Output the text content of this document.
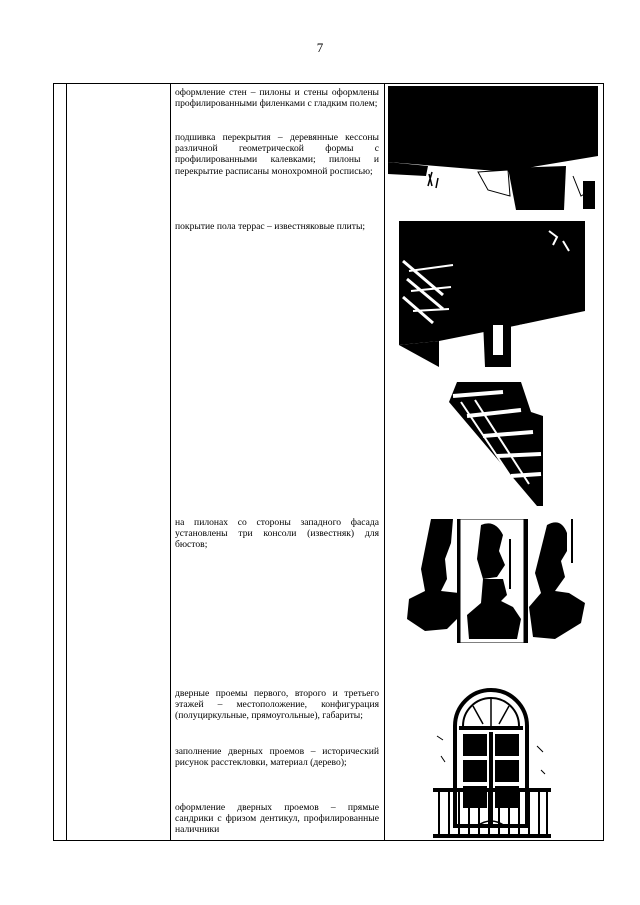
7
оформление стен – пилоны и стены оформлены профилированными филенками с гладким полем;
подшивка перекрытия – деревянные кессоны различной геометрической формы с профилированными калевками; пилоны и перекрытие расписаны монохромной росписью;
покрытие пола террас – известняковые плиты;
на пилонах со стороны западного фасада установлены три консоли (известняк) для бюстов;
дверные проемы первого, второго и третьего этажей – местоположение, конфигурация (полуциркульные, прямоугольные), габариты;
заполнение дверных проемов – исторический рисунок расстекловки, материал (дерево);
оформление дверных проемов – прямые сандрики с фризом дентикул, профилированные наличники
